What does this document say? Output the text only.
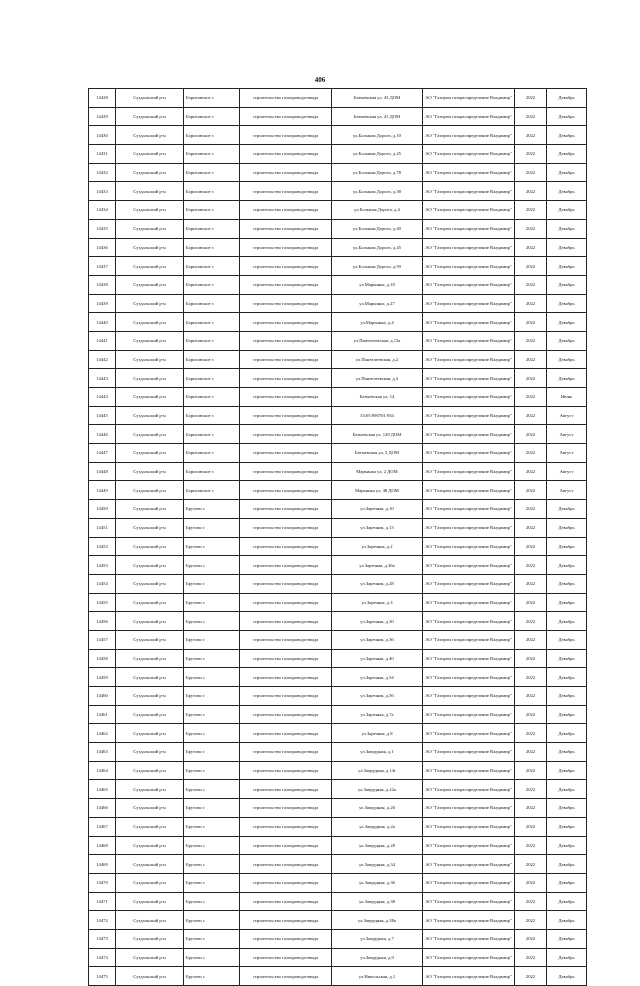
406
14428	Суздальский р-н	Борисовское с	строительство газопровода-ввода	Батыевская ул, 43 ДОМ	АО "Газпром газораспределение Владимир"	2022	Декабрь
14429	Суздальский р-н	Борисовское с	строительство газопровода-ввода	Батыевская ул, 41 ДОМ	АО "Газпром газораспределение Владимир"	2022	Декабрь
14430	Суздальский р-н	Борисовское с	строительство газопровода-ввода	ул.Большая Дорога, д.10	АО "Газпром газораспределение Владимир"	2022	Декабрь
14431	Суздальский р-н	Борисовское с	строительство газопровода-ввода	ул.Большая Дорога, д.25	АО "Газпром газораспределение Владимир"	2022	Декабрь
14432	Суздальский р-н	Борисовское с	строительство газопровода-ввода	ул.Большая Дорога, д.78	АО "Газпром газораспределение Владимир"	2022	Декабрь
14433	Суздальский р-н	Борисовское с	строительство газопровода-ввода	ул.Большая Дорога, д.38	АО "Газпром газораспределение Владимир"	2022	Декабрь
14434	Суздальский р-н	Борисовское с	строительство газопровода-ввода	ул.Большая Дорога, д.4	АО "Газпром газораспределение Владимир"	2022	Декабрь
14435	Суздальский р-н	Борисовское с	строительство газопровода-ввода	ул.Большая Дорога, д.40	АО "Газпром газораспределение Владимир"	2022	Декабрь
14436	Суздальский р-н	Борисовское с	строительство газопровода-ввода	ул.Большая Дорога, д.45	АО "Газпром газораспределение Владимир"	2022	Декабрь
14437	Суздальский р-н	Борисовское с	строительство газопровода-ввода	ул.Большая Дорога, д.59	АО "Газпром газораспределение Владимир"	2022	Декабрь
14438	Суздальский р-н	Борисовское с	строительство газопровода-ввода	ул.Марьинка, д.18	АО "Газпром газораспределение Владимир"	2022	Декабрь
14439	Суздальский р-н	Борисовское с	строительство газопровода-ввода	ул.Марьинка, д.27	АО "Газпром газораспределение Владимир"	2022	Декабрь
14440	Суздальский р-н	Борисовское с	строительство газопровода-ввода	ул.Марьинка, д.4	АО "Газпром газораспределение Владимир"	2022	Декабрь
14441	Суздальский р-н	Борисовское с	строительство газопровода-ввода	ул.Пантелеевская, д.13а	АО "Газпром газораспределение Владимир"	2022	Декабрь
14442	Суздальский р-н	Борисовское с	строительство газопровода-ввода	ул.Пантелеевская, д.2	АО "Газпром газораспределение Владимир"	2022	Декабрь
14443	Суздальский р-н	Борисовское с	строительство газопровода-ввода	ул.Пантелеевская, д.3	АО "Газпром газораспределение Владимир"	2022	Декабрь
14444	Суздальский р-н	Борисовское с	строительство газопровода-ввода	Батыевская ул, 14	АО "Газпром газораспределение Владимир"	2022	Июнь
14445	Суздальский р-н	Борисовское с	строительство газопровода-ввода	33:05:090701:934	АО "Газпром газораспределение Владимир"	2022	Август
14446	Суздальский р-н	Борисовское с	строительство газопровода-ввода	Батыевская ул, 128 ДОМ	АО "Газпром газораспределение Владимир"	2022	Август
14447	Суздальский р-н	Борисовское с	строительство газопровода-ввода	Батыевская ул, 3 ДОМ	АО "Газпром газораспределение Владимир"	2022	Август
14448	Суздальский р-н	Борисовское с	строительство газопровода-ввода	Марьинка ул, 2 ДОМ	АО "Газпром газораспределение Владимир"	2022	Август
14449	Суздальский р-н	Борисовское с	строительство газопровода-ввода	Марьинка ул, 48 ДОМ	АО "Газпром газораспределение Владимир"	2022	Август
14450	Суздальский р-н	Брутово с	строительство газопровода-ввода	ул.Заречная, д.10	АО "Газпром газораспределение Владимир"	2022	Декабрь
14451	Суздальский р-н	Брутово с	строительство газопровода-ввода	ул.Заречная, д.13	АО "Газпром газораспределение Владимир"	2022	Декабрь
14452	Суздальский р-н	Брутово с	строительство газопровода-ввода	ул.Заречная, д.2	АО "Газпром газораспределение Владимир"	2022	Декабрь
14453	Суздальский р-н	Брутово с	строительство газопровода-ввода	ул.Заречная, д.26а	АО "Газпром газораспределение Владимир"	2022	Декабрь
14454	Суздальский р-н	Брутово с	строительство газопровода-ввода	ул.Заречная, д.28	АО "Газпром газораспределение Владимир"	2022	Декабрь
14455	Суздальский р-н	Брутово с	строительство газопровода-ввода	ул.Заречная, д.3	АО "Газпром газораспределение Владимир"	2022	Декабрь
14456	Суздальский р-н	Брутово с	строительство газопровода-ввода	ул.Заречная, д.30	АО "Газпром газораспределение Владимир"	2022	Декабрь
14457	Суздальский р-н	Брутово с	строительство газопровода-ввода	ул.Заречная, д.36	АО "Газпром газораспределение Владимир"	2022	Декабрь
14458	Суздальский р-н	Брутово с	строительство газопровода-ввода	ул.Заречная, д.40	АО "Газпром газораспределение Владимир"	2022	Декабрь
14459	Суздальский р-н	Брутово с	строительство газопровода-ввода	ул.Заречная, д.54	АО "Газпром газораспределение Владимир"	2022	Декабрь
14460	Суздальский р-н	Брутово с	строительство газопровода-ввода	ул.Заречная, д.56	АО "Газпром газораспределение Владимир"	2022	Декабрь
14461	Суздальский р-н	Брутово с	строительство газопровода-ввода	ул.Заречная, д.7а	АО "Газпром газораспределение Владимир"	2022	Декабрь
14462	Суздальский р-н	Брутово с	строительство газопровода-ввода	ул.Заречная, д.8	АО "Газпром газораспределение Владимир"	2022	Декабрь
14463	Суздальский р-н	Брутово с	строительство газопровода-ввода	ул.Запрудная, д.1	АО "Газпром газораспределение Владимир"	2022	Декабрь
14464	Суздальский р-н	Брутово с	строительство газопровода-ввода	ул.Запрудная, д.14г	АО "Газпром газораспределение Владимир"	2022	Декабрь
14465	Суздальский р-н	Брутово с	строительство газопровода-ввода	ул.Запрудная, д.22а	АО "Газпром газораспределение Владимир"	2022	Декабрь
14466	Суздальский р-н	Брутово с	строительство газопровода-ввода	ул.Запрудная, д.26	АО "Газпром газораспределение Владимир"	2022	Декабрь
14467	Суздальский р-н	Брутово с	строительство газопровода-ввода	ул.Запрудная, д.2а	АО "Газпром газораспределение Владимир"	2022	Декабрь
14468	Суздальский р-н	Брутово с	строительство газопровода-ввода	ул.Запрудная, д.28	АО "Газпром газораспределение Владимир"	2022	Декабрь
14469	Суздальский р-н	Брутово с	строительство газопровода-ввода	ул.Запрудная, д.34	АО "Газпром газораспределение Владимир"	2022	Декабрь
14470	Суздальский р-н	Брутово с	строительство газопровода-ввода	ул.Запрудная, д.36	АО "Газпром газораспределение Владимир"	2022	Декабрь
14471	Суздальский р-н	Брутово с	строительство газопровода-ввода	ул.Запрудная, д.38	АО "Газпром газораспределение Владимир"	2022	Декабрь
14472	Суздальский р-н	Брутово с	строительство газопровода-ввода	ул.Запрудная, д.38а	АО "Газпром газораспределение Владимир"	2022	Декабрь
14473	Суздальский р-н	Брутово с	строительство газопровода-ввода	ул.Запрудная, д.7	АО "Газпром газораспределение Владимир"	2022	Декабрь
14474	Суздальский р-н	Брутово с	строительство газопровода-ввода	ул.Запрудная, д.9	АО "Газпром газораспределение Владимир"	2022	Декабрь
14475	Суздальский р-н	Брутово с	строительство газопровода-ввода	ул.Никольская, д.1	АО "Газпром газораспределение Владимир"	2022	Декабрь
